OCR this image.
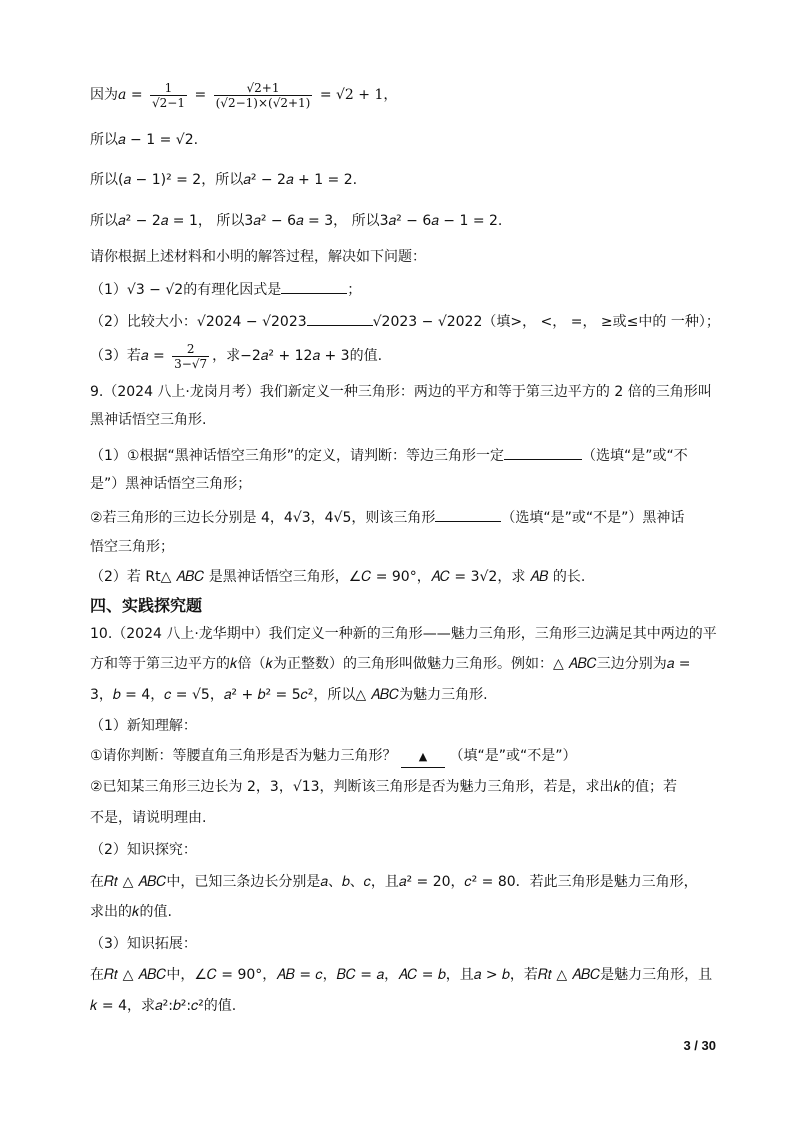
因为$a = \frac{1}{√2-1} = \frac{√2+1}{(√2-1)\times(√2+1)} = √2 + 1$，
所以𝑎 − 1 = √2.
所以(𝑎 − 1)² = 2，所以𝑎² − 2𝑎 + 1 = 2.
所以𝑎² − 2𝑎 = 1， 所以3𝑎² − 6𝑎 = 3， 所以3𝑎² − 6𝑎 − 1 = 2.
请你根据上述材料和小明的解答过程，解决如下问题：
（1）√3 − √2的有理化因式是	；
（2）比较大小：√2024 − √2023	√2023 − √2022（填>， <， =， ≥或≤中的 一种）；
（3）若𝑎 = $\frac{2}{3-√7}$ ，求−2𝑎² + 12𝑎 + 3的值.
9.（2024 八上·龙岗月考）我们新定义一种三角形：两边的平方和等于第三边平方的 2 倍的三角形叫
黑神话悟空三角形.
（1）①根据“黑神话悟空三角形”的定义，请判断：等边三角形一定	（选填“是”或“不
是”）黑神话悟空三角形；
②若三角形的三边长分别是 4，4√3，4√5，则该三角形	（选填“是”或“不是”）黑神话
悟空三角形；
（2）若 Rt△ 𝐴𝐵𝐶 是黑神话悟空三角形，∠𝐶 = 90°，𝐴𝐶 = 3√2，求 𝐴𝐵 的长.
四、实践探究题
10.（2024 八上·龙华期中）我们定义一种新的三角形——魅力三角形，三角形三边满足其中两边的平
方和等于第三边平方的𝑘倍（𝑘为正整数）的三角形叫做魅力三角形。例如：△ 𝐴𝐵𝐶三边分别为𝑎 =
3，𝑏 = 4，𝑐 = √5，𝑎² + 𝑏² = 5𝑐²，所以△ 𝐴𝐵𝐶为魅力三角形.
（1）新知理解：
①请你判断：等腰直角三角形是否为魅力三角形？ ▲ （填“是”或“不是”）
②已知某三角形三边长为 2，3，√13，判断该三角形是否为魅力三角形，若是，求出𝑘的值；若
不是，请说明理由.
（2）知识探究：
在𝑅𝑡 △ 𝐴𝐵𝐶中，已知三条边长分别是𝑎、𝑏、𝑐，且𝑎² = 20，𝑐² = 80．若此三角形是魅力三角形，
求出的𝑘的值.
（3）知识拓展：
在𝑅𝑡 △ 𝐴𝐵𝐶中，∠𝐶 = 90°，𝐴𝐵 = 𝑐，𝐵𝐶 = 𝑎，𝐴𝐶 = 𝑏，且𝑎 > 𝑏，若𝑅𝑡 △ 𝐴𝐵𝐶是魅力三角形，且
𝑘 = 4，求𝑎²:𝑏²:𝑐²的值.
3 / 30
